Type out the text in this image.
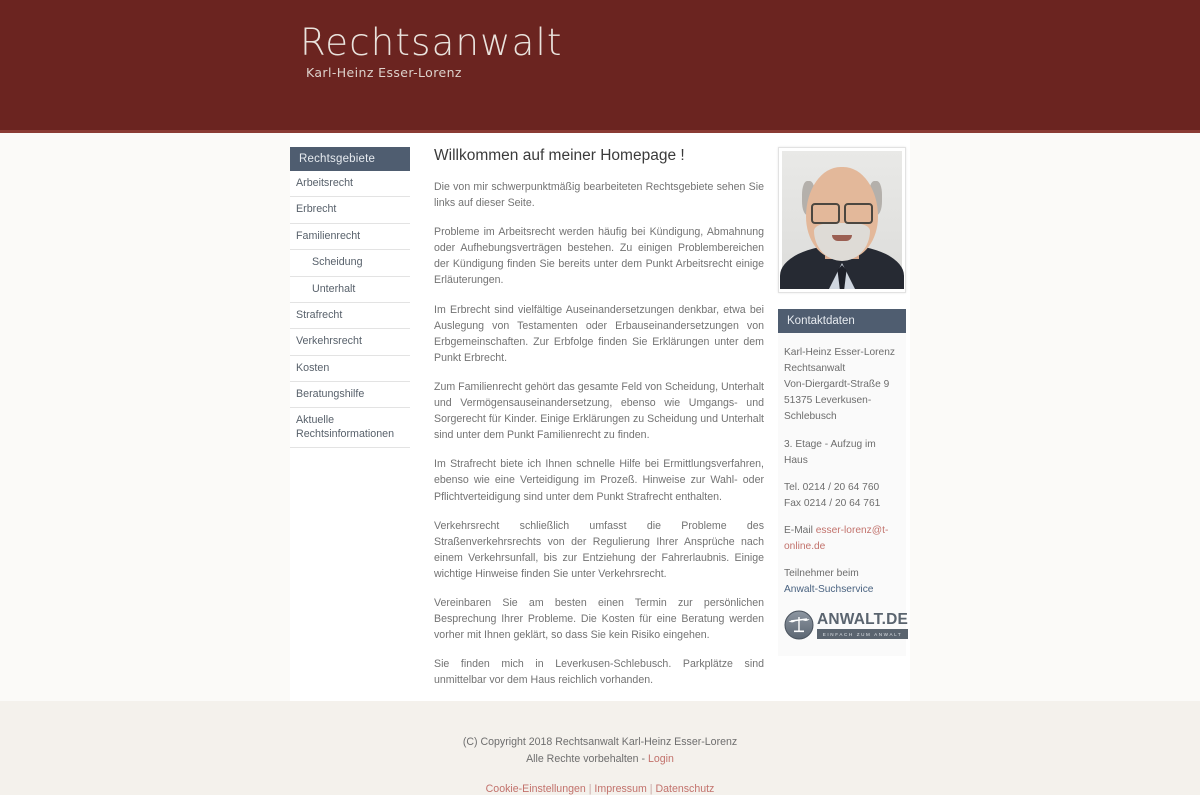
Rechtsanwalt
Karl-Heinz Esser-Lorenz
Rechtsgebiete
Arbeitsrecht
Erbrecht
Familienrecht
Scheidung
Unterhalt
Strafrecht
Verkehrsrecht
Kosten
Beratungshilfe
Aktuelle Rechtsinformationen
Willkommen auf meiner Homepage !

Die von mir schwerpunktmäßig bearbeiteten Rechtsgebiete sehen Sie links auf dieser Seite.

Probleme im Arbeitsrecht werden häufig bei Kündigung, Abmahnung oder Aufhebungsverträgen bestehen. Zu einigen Problembereichen der Kündigung finden Sie bereits unter dem Punkt Arbeitsrecht einige Erläuterungen.

Im Erbrecht sind vielfältige Auseinandersetzungen denkbar, etwa bei Auslegung von Testamenten oder Erbauseinandersetzungen von Erbgemeinschaften. Zur Erbfolge finden Sie Erklärungen unter dem Punkt Erbrecht.

Zum Familienrecht gehört das gesamte Feld von Scheidung, Unterhalt und Vermögensauseinandersetzung, ebenso wie Umgangs- und Sorgerecht für Kinder. Einige Erklärungen zu Scheidung und Unterhalt sind unter dem Punkt Familienrecht zu finden.

Im Strafrecht biete ich Ihnen schnelle Hilfe bei Ermittlungsverfahren, ebenso wie eine Verteidigung im Prozeß. Hinweise zur Wahl- oder Pflichtverteidigung sind unter dem Punkt Strafrecht enthalten.

Verkehrsrecht schließlich umfasst die Probleme des Straßenverkehrsrechts von der Regulierung Ihrer Ansprüche nach einem Verkehrsunfall, bis zur Entziehung der Fahrerlaubnis. Einige wichtige Hinweise finden Sie unter Verkehrsrecht.

Vereinbaren Sie am besten einen Termin zur persönlichen Besprechung Ihrer Probleme. Die Kosten für eine Beratung werden vorher mit Ihnen geklärt, so dass Sie kein Risiko eingehen.

Sie finden mich in Leverkusen-Schlebusch. Parkplätze sind unmittelbar vor dem Haus reichlich vorhanden.

Kontaktdaten
Karl-Heinz Esser-Lorenz
Rechtsanwalt
Von-Diergardt-Straße 9
51375 Leverkusen-Schlebusch
3. Etage - Aufzug im Haus
Tel. 0214 / 20 64 760
Fax 0214 / 20 64 761
E-Mail esser-lorenz@t-online.de
Teilnehmer beim
Anwalt-Suchservice
ANWALT.DE
EINFACH ZUM ANWALT
(C) Copyright 2018 Rechtsanwalt Karl-Heinz Esser-Lorenz
Alle Rechte vorbehalten - Login
Cookie-Einstellungen | Impressum | Datenschutz
